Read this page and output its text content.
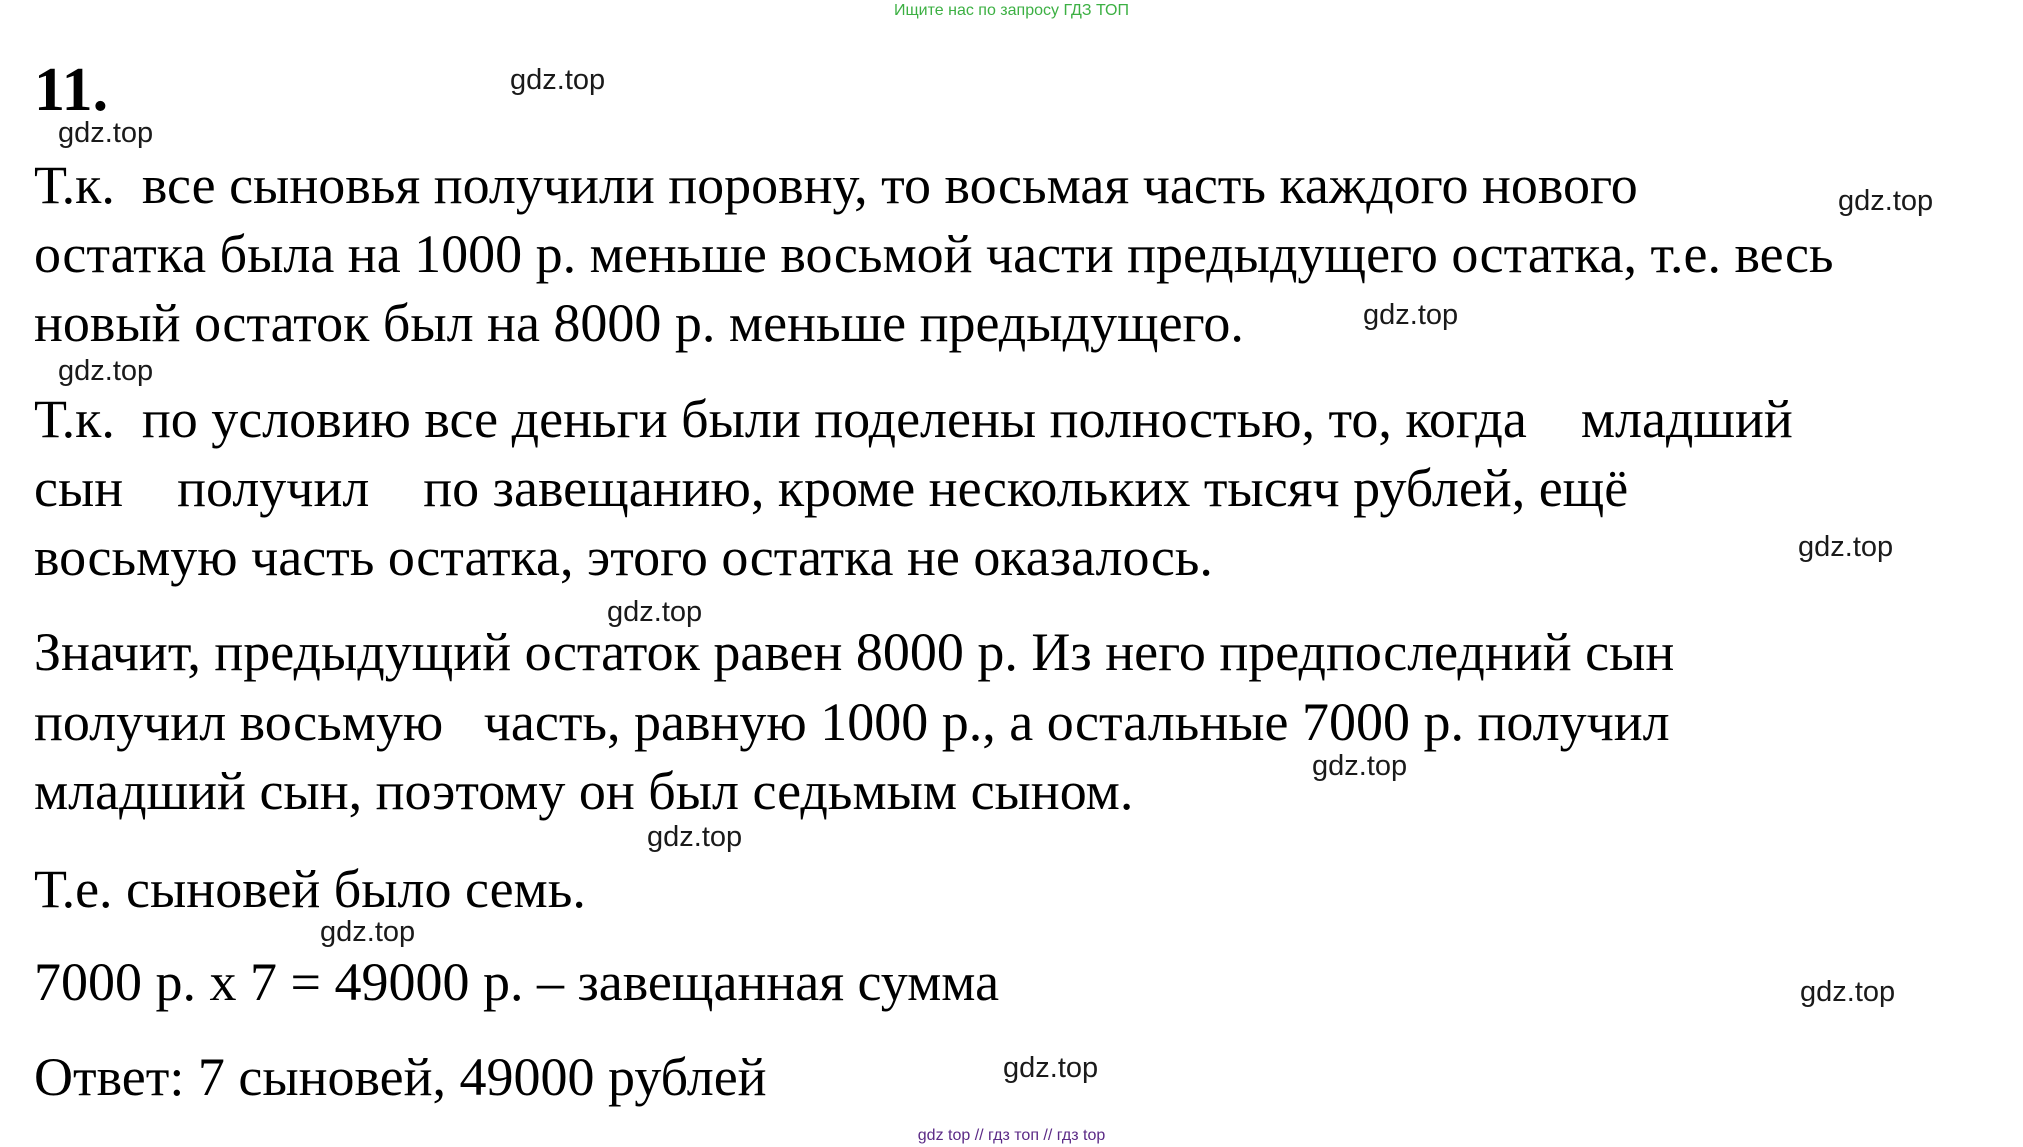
Ищите нас по запросу ГДЗ ТОП
11.
Т.к.  все сыновья получили поровну, то восьмая часть каждого нового
остатка была на 1000 р. меньше восьмой части предыдущего остатка, т.е. весь
новый остаток был на 8000 р. меньше предыдущего.
Т.к.  по условию все деньги были поделены полностью, то, когда    младший
сын    получил    по завещанию, кроме нескольких тысяч рублей, ещё
восьмую часть остатка, этого остатка не оказалось.
Значит, предыдущий остаток равен 8000 р. Из него предпоследний сын
получил восьмую   часть, равную 1000 р., а остальные 7000 р. получил
младший сын, поэтому он был седьмым сыном.
Т.е. сыновей было семь.
7000 р. х 7 = 49000 р. – завещанная сумма
Ответ: 7 сыновей, 49000 рублей
gdz.top
gdz.top
gdz.top
gdz.top
gdz.top
gdz.top
gdz.top
gdz.top
gdz.top
gdz.top
gdz.top
gdz.top
gdz top // гдз топ // гдз top
